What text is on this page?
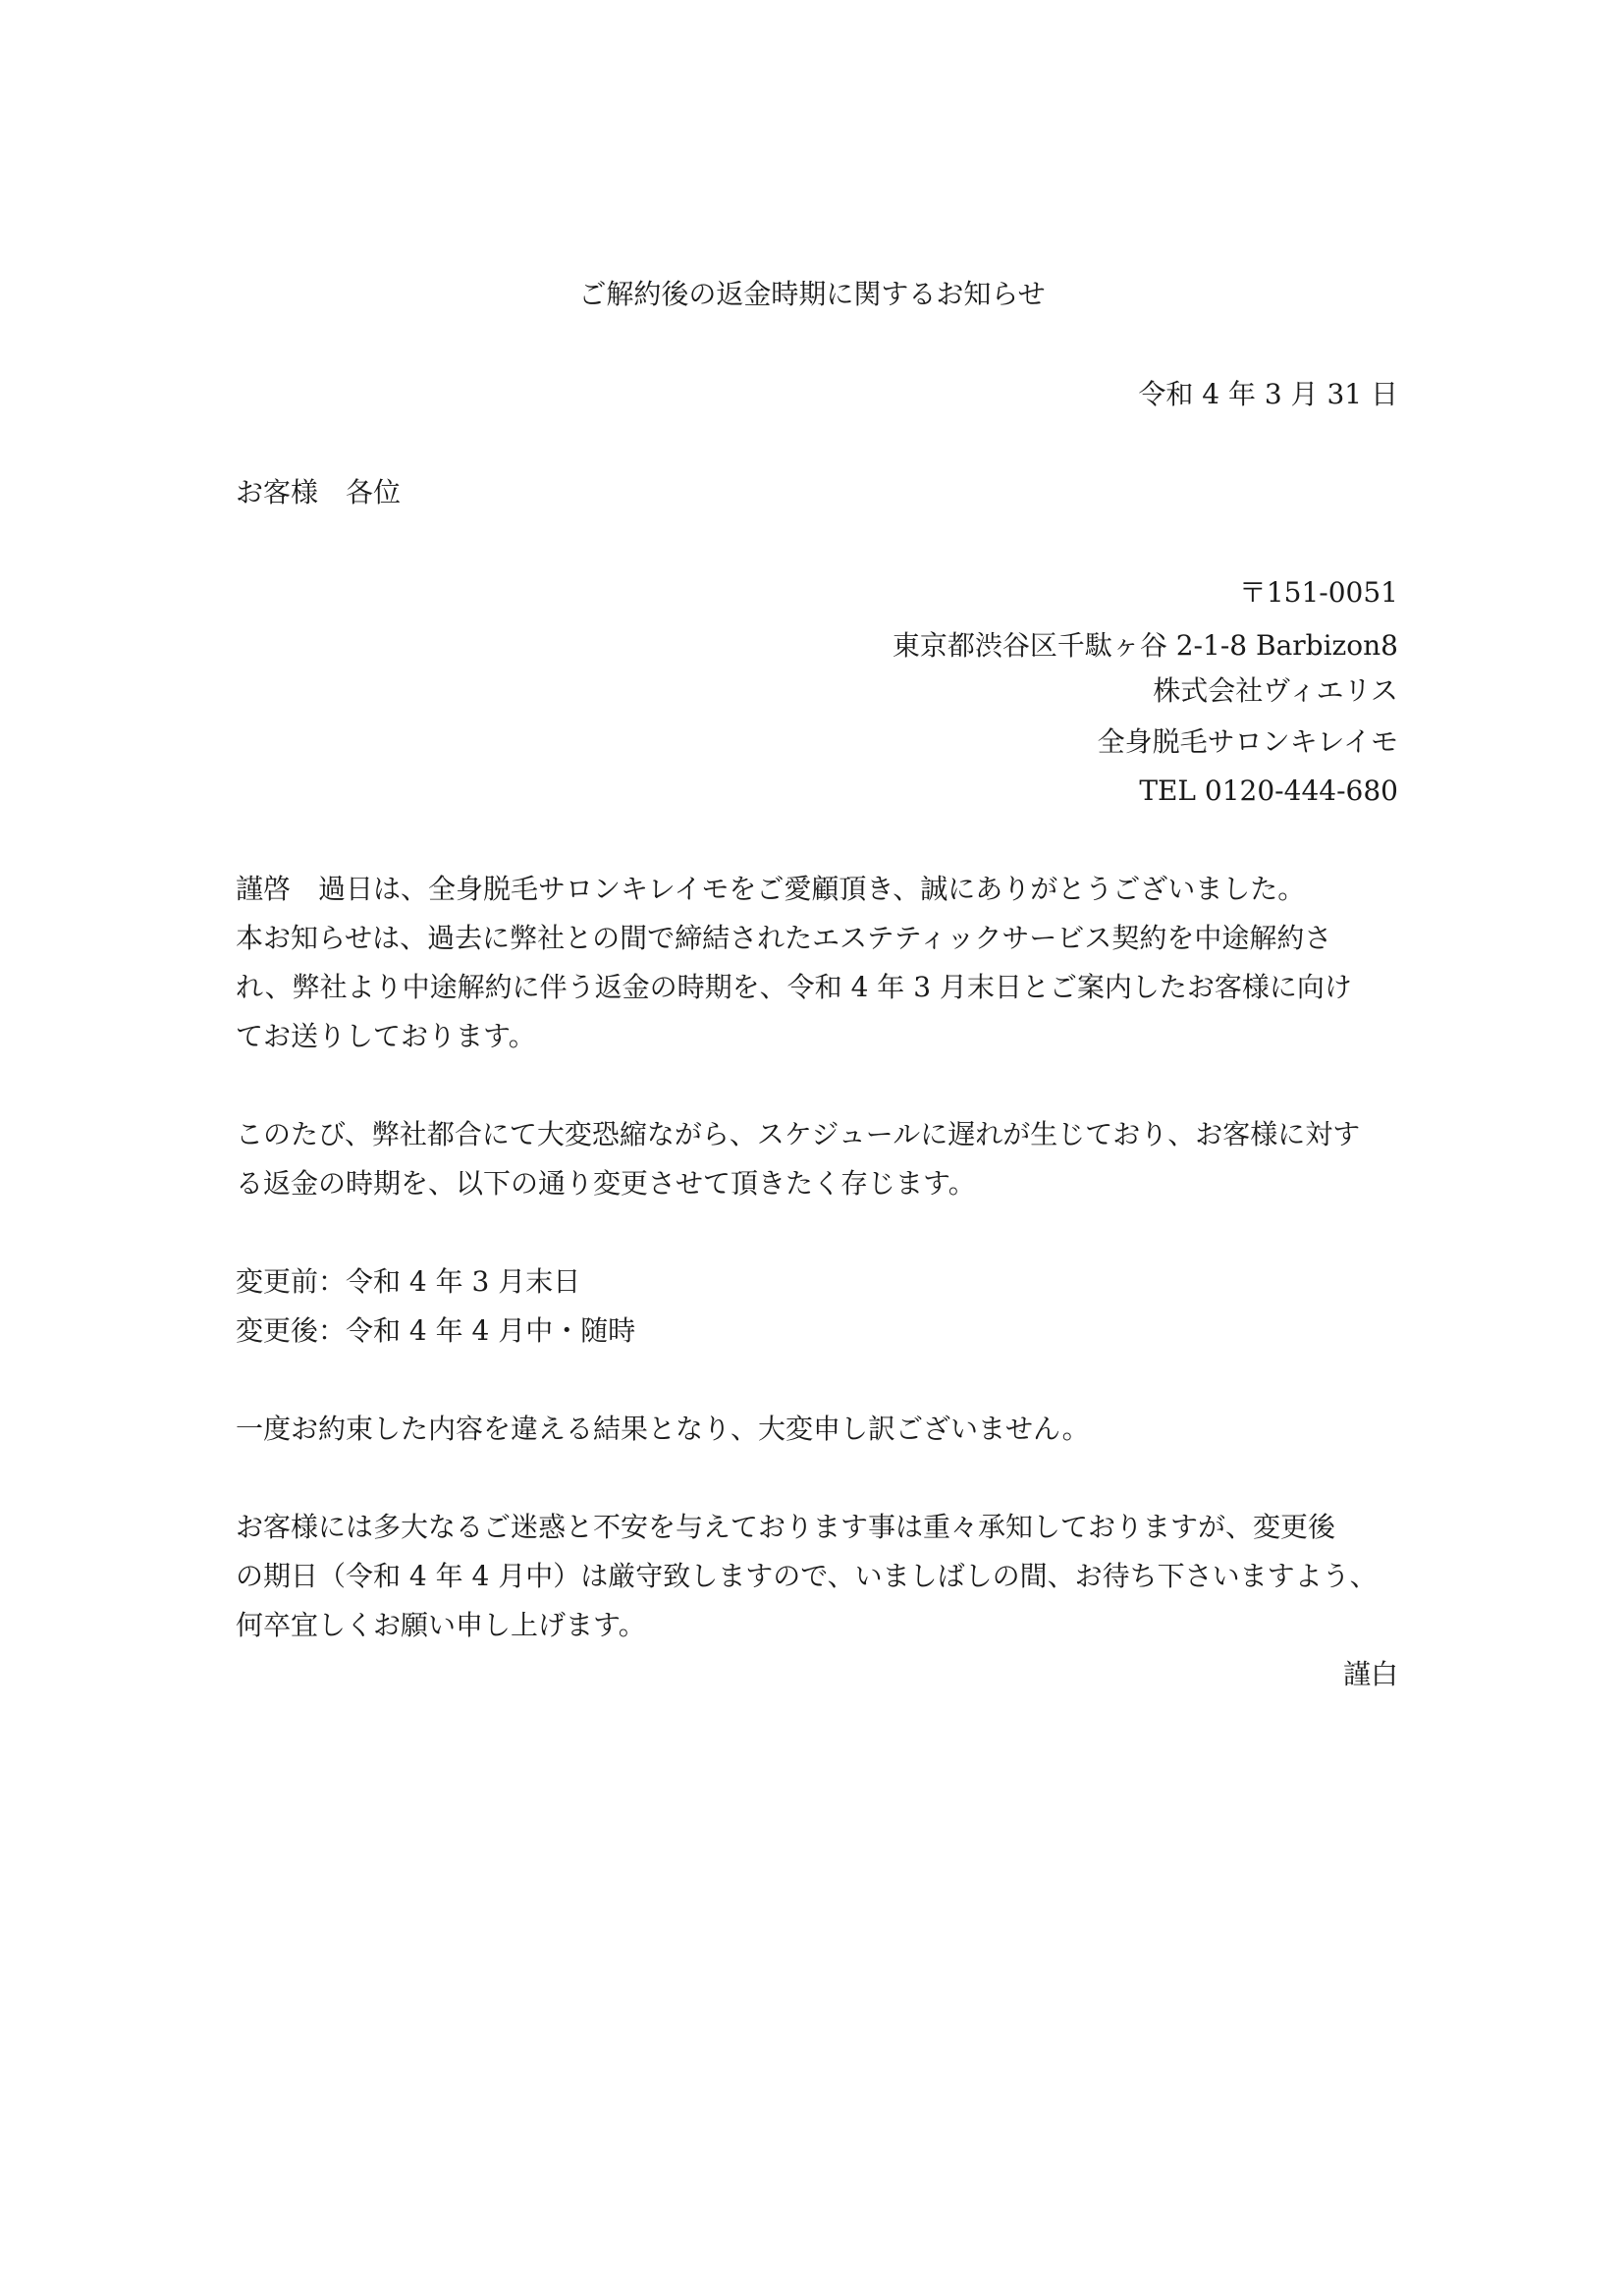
ご解約後の返金時期に関するお知らせ
令和 4 年 3 月 31 日
お客様　各位
〒151-0051
東京都渋谷区千駄ヶ谷 2-1-8 Barbizon8
株式会社ヴィエリス
全身脱毛サロンキレイモ
TEL 0120-444-680
謹啓　過日は、全身脱毛サロンキレイモをご愛顧頂き、誠にありがとうございました。
本お知らせは、過去に弊社との間で締結されたエステティックサービス契約を中途解約さ
れ、弊社より中途解約に伴う返金の時期を、令和 4 年 3 月末日とご案内したお客様に向け
てお送りしております。
このたび、弊社都合にて大変恐縮ながら、スケジュールに遅れが生じており、お客様に対す
る返金の時期を、以下の通り変更させて頂きたく存じます。
変更前：令和 4 年 3 月末日
変更後：令和 4 年 4 月中・随時
一度お約束した内容を違える結果となり、大変申し訳ございません。
お客様には多大なるご迷惑と不安を与えております事は重々承知しておりますが、変更後
の期日（令和 4 年 4 月中）は厳守致しますので、いましばしの間、お待ち下さいますよう、
何卒宜しくお願い申し上げます。
謹白
